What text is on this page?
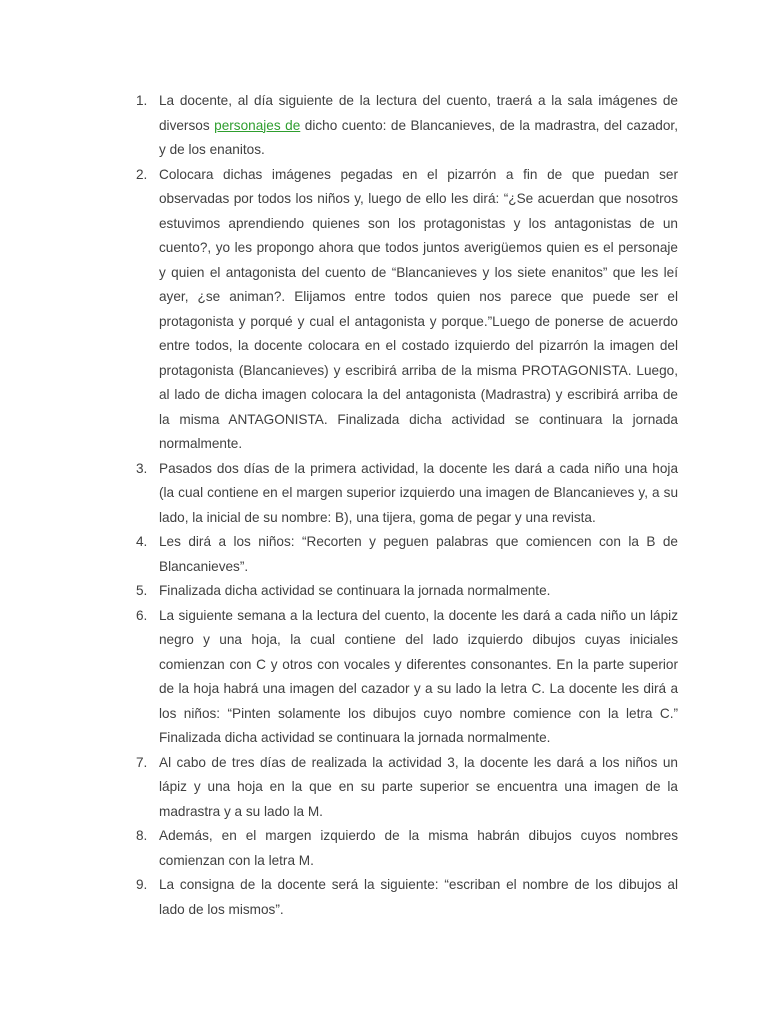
1. La docente, al día siguiente de la lectura del cuento, traerá a la sala imágenes de diversos personajes de dicho cuento: de Blancanieves, de la madrastra, del cazador, y de los enanitos.
2. Colocara dichas imágenes pegadas en el pizarrón a fin de que puedan ser observadas por todos los niños y, luego de ello les dirá: “¿Se acuerdan que nosotros estuvimos aprendiendo quienes son los protagonistas y los antagonistas de un cuento?, yo les propongo ahora que todos juntos averigüemos quien es el personaje y quien el antagonista del cuento de “Blancanieves y los siete enanitos” que les leí ayer, ¿se animan?. Elijamos entre todos quien nos parece que puede ser el protagonista y porqué y cual el antagonista y porque.”Luego de ponerse de acuerdo entre todos, la docente colocara en el costado izquierdo del pizarrón la imagen del protagonista (Blancanieves) y escribirá arriba de la misma PROTAGONISTA. Luego, al lado de dicha imagen colocara la del antagonista (Madrastra) y escribirá arriba de la misma ANTAGONISTA. Finalizada dicha actividad se continuara la jornada normalmente.
3. Pasados dos días de la primera actividad, la docente les dará a cada niño una hoja (la cual contiene en el margen superior izquierdo una imagen de Blancanieves y, a su lado, la inicial de su nombre: B), una tijera, goma de pegar y una revista.
4. Les dirá a los niños: “Recorten y peguen palabras que comiencen con la B de Blancanieves”.
5. Finalizada dicha actividad se continuara la jornada normalmente.
6. La siguiente semana a la lectura del cuento, la docente les dará a cada niño un lápiz negro y una hoja, la cual contiene del lado izquierdo dibujos cuyas iniciales comienzan con C y otros con vocales y diferentes consonantes. En la parte superior de la hoja habrá una imagen del cazador y a su lado la letra C. La docente les dirá a los niños: “Pinten solamente los dibujos cuyo nombre comience con la letra C.” Finalizada dicha actividad se continuara la jornada normalmente.
7. Al cabo de tres días de realizada la actividad 3, la docente les dará a los niños un lápiz y una hoja en la que en su parte superior se encuentra una imagen de la madrastra y a su lado la M.
8. Además, en el margen izquierdo de la misma habrán dibujos cuyos nombres comienzan con la letra M.
9. La consigna de la docente será la siguiente: “escriban el nombre de los dibujos al lado de los mismos”.
